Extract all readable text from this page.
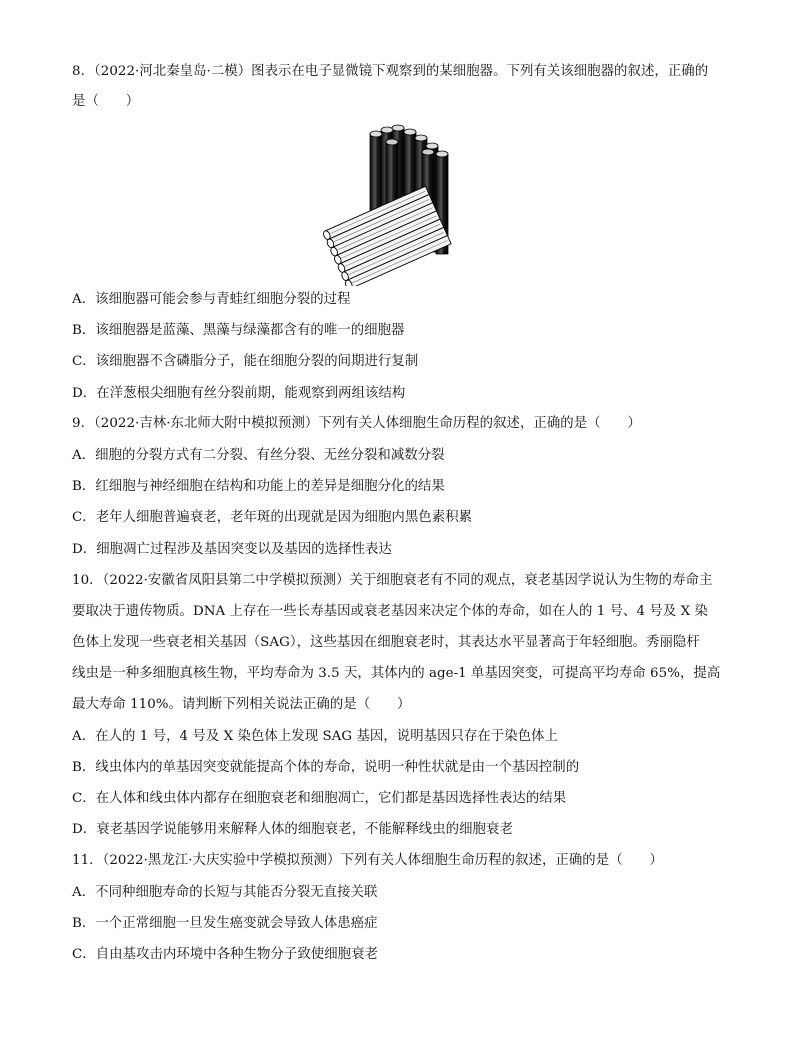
8．（2022·河北秦皇岛·二模）图表示在电子显微镜下观察到的某细胞器。下列有关该细胞器的叙述，正确的
是（　　）
A．该细胞器可能会参与青蛙红细胞分裂的过程
B．该细胞器是蓝藻、黑藻与绿藻都含有的唯一的细胞器
C．该细胞器不含磷脂分子，能在细胞分裂的间期进行复制
D．在洋葱根尖细胞有丝分裂前期，能观察到两组该结构
9．（2022·吉林·东北师大附中模拟预测）下列有关人体细胞生命历程的叙述，正确的是（　　）
A．细胞的分裂方式有二分裂、有丝分裂、无丝分裂和减数分裂
B．红细胞与神经细胞在结构和功能上的差异是细胞分化的结果
C．老年人细胞普遍衰老，老年斑的出现就是因为细胞内黑色素积累
D．细胞凋亡过程涉及基因突变以及基因的选择性表达
10．（2022·安徽省凤阳县第二中学模拟预测）关于细胞衰老有不同的观点，衰老基因学说认为生物的寿命主
要取决于遗传物质。DNA 上存在一些长寿基因或衰老基因来决定个体的寿命，如在人的 1 号、4 号及 X 染
色体上发现一些衰老相关基因（SAG），这些基因在细胞衰老时，其表达水平显著高于年轻细胞。秀丽隐杆
线虫是一种多细胞真核生物，平均寿命为 3.5 天，其体内的 age-1 单基因突变，可提高平均寿命 65%，提高
最大寿命 110%。请判断下列相关说法正确的是（　　）
A．在人的 1 号，4 号及 X 染色体上发现 SAG 基因，说明基因只存在于染色体上
B．线虫体内的单基因突变就能提高个体的寿命，说明一种性状就是由一个基因控制的
C．在人体和线虫体内都存在细胞衰老和细胞凋亡，它们都是基因选择性表达的结果
D．衰老基因学说能够用来解释人体的细胞衰老，不能解释线虫的细胞衰老
11．（2022·黑龙江·大庆实验中学模拟预测）下列有关人体细胞生命历程的叙述，正确的是（　　）
A．不同种细胞寿命的长短与其能否分裂无直接关联
B．一个正常细胞一旦发生癌变就会导致人体患癌症
C．自由基攻击内环境中各种生物分子致使细胞衰老
